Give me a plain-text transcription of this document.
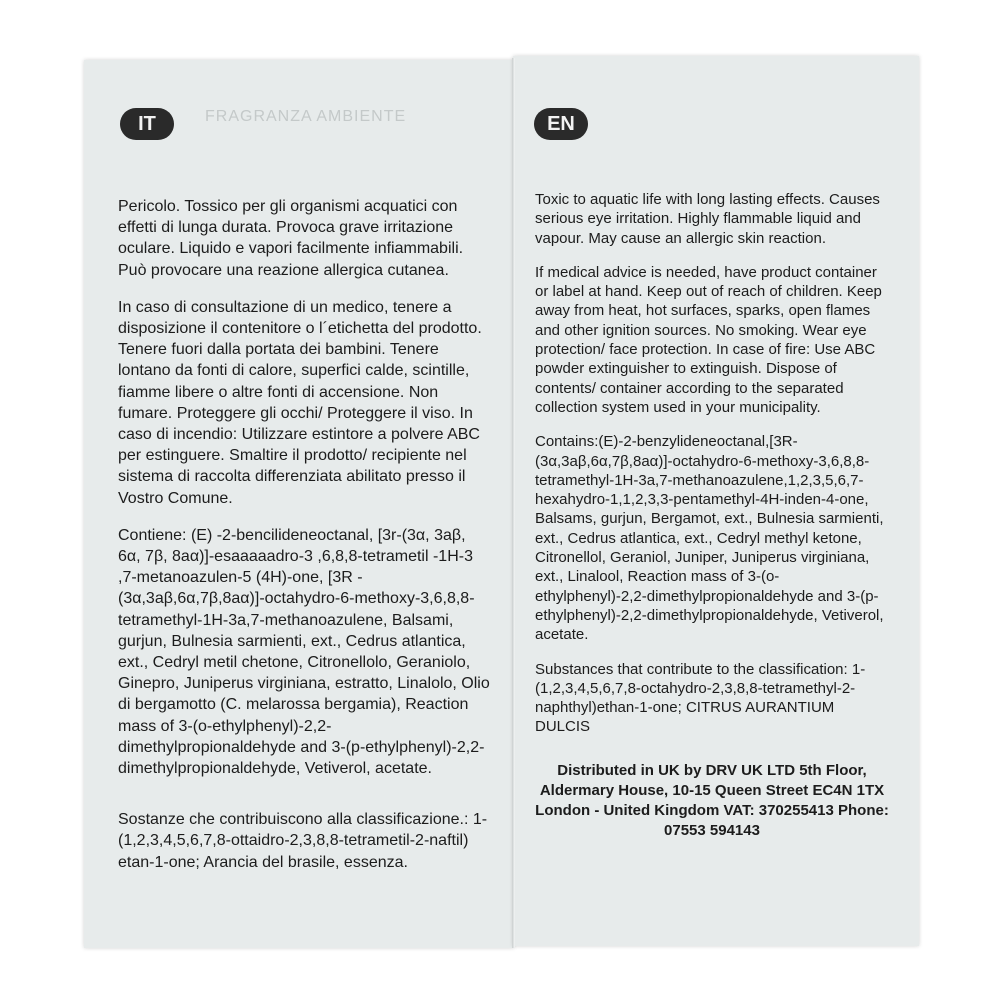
Pericolo. Tossico per gli organismi acquatici con effetti di lunga durata. Provoca grave irritazione oculare. Liquido e vapori facilmente infiammabili. Può provocare una reazione allergica cutanea.

In caso di consultazione di un medico, tenere a disposizione il contenitore o l´etichetta del prodotto. Tenere fuori dalla portata dei bambini. Tenere lontano da fonti di calore, superfici calde, scintille, fiamme libere o altre fonti di accensione. Non fumare. Proteggere gli occhi/ Proteggere il viso. In caso di incendio: Utilizzare estintore a polvere ABC per estinguere. Smaltire il prodotto/ recipiente nel sistema di raccolta differenziata abilitato presso il Vostro Comune.

Contiene: (E) -2-bencilideneoctanal, [3r-(3α, 3aβ, 6α, 7β, 8aα)]-esaaaaadro-3 ,6,8,8-tetrametil -1H-3 ,7-metanoazulen-5 (4H)-one, [3R -(3α,3aβ,6α,7β,8aα)]-octahydro-6-methoxy-3,6,8,8-tetramethyl-1H-3a,7-methanoazulene, Balsami, gurjun, Bulnesia sarmienti, ext., Cedrus atlantica, ext., Cedryl metil chetone, Citronellolo, Geraniolo, Ginepro, Juniperus virginiana, estratto, Linalolo, Olio di bergamotto (C. melarossa bergamia), Reaction mass of 3-(o-ethylphenyl)-2,2-dimethylpropionaldehyde and 3-(p-ethylphenyl)-2,2-dimethylpropionaldehyde, Vetiverol, acetate.

Sostanze che contribuiscono alla classificazione.: 1- (1,2,3,4,5,6,7,8-ottaidro-2,3,8,8-tetrametil-2-naftil) etan-1-one; Arancia del brasile, essenza.

Toxic to aquatic life with long lasting effects. Causes serious eye irritation. Highly flammable liquid and vapour. May cause an allergic skin reaction.

If medical advice is needed, have product container or label at hand. Keep out of reach of children. Keep away from heat, hot surfaces, sparks, open flames and other ignition sources. No smoking. Wear eye protection/ face protection. In case of fire: Use ABC powder extinguisher to extinguish. Dispose of contents/ container according to the separated collection system used in your municipality.

Contains:(E)-2-benzylideneoctanal,[3R-(3α,3aβ,6α,7β,8aα)]-octahydro-6-methoxy-3,6,8,8-tetramethyl-1H-3a,7-methanoazulene,1,2,3,5,6,7-hexahydro-1,1,2,3,3-pentamethyl-4H-inden-4-one, Balsams, gurjun, Bergamot, ext., Bulnesia sarmienti, ext., Cedrus atlantica, ext., Cedryl methyl ketone, Citronellol, Geraniol, Juniper, Juniperus virginiana, ext., Linalool, Reaction mass of 3-(o-ethylphenyl)-2,2-dimethylpropionaldehyde and 3-(p-ethylphenyl)-2,2-dimethylpropionaldehyde, Vetiverol, acetate.

Substances that contribute to the classification: 1-(1,2,3,4,5,6,7,8-octahydro-2,3,8,8-tetramethyl-2-naphthyl)ethan-1-one; CITRUS AURANTIUM DULCIS

Distributed in UK by DRV UK LTD 5th Floor, Aldermary House, 10-15 Queen Street EC4N 1TX London - United Kingdom VAT: 370255413 Phone: 07553 594143

IT	FRAGRANZA AMBIENTE	EN
